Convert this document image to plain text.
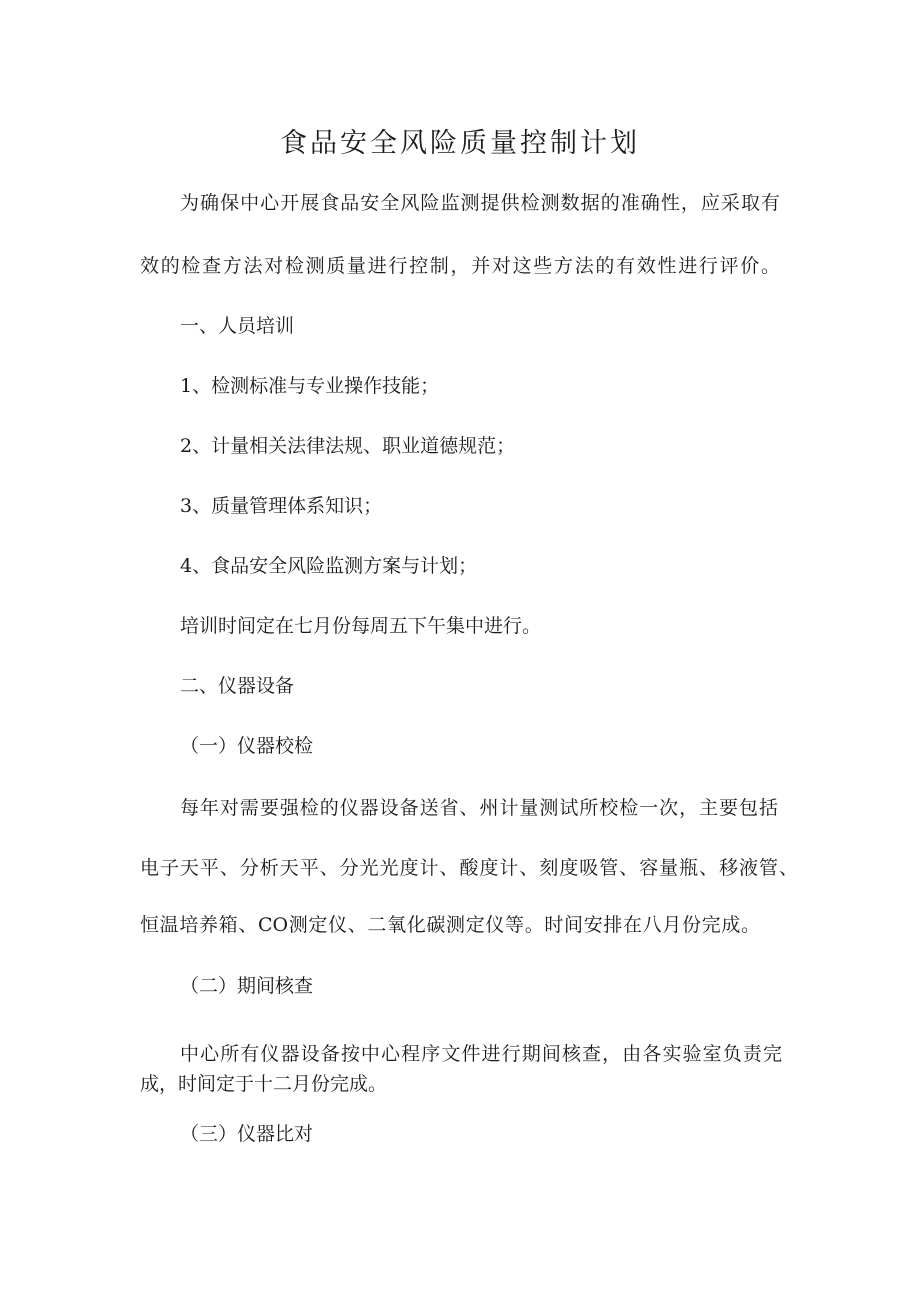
食品安全风险质量控制计划

为确保中心开展食品安全风险监测提供检测数据的准确性，应采取有

效的检查方法对检测质量进行控制，并对这些方法的有效性进行评价。

一、人员培训

1、检测标准与专业操作技能；

2、计量相关法律法规、职业道德规范；

3、质量管理体系知识；

4、食品安全风险监测方案与计划；

培训时间定在七月份每周五下午集中进行。

二、仪器设备

（一）仪器校检

每年对需要强检的仪器设备送省、州计量测试所校检一次，主要包括

电子天平、分析天平、分光光度计、酸度计、刻度吸管、容量瓶、移液管、

恒温培养箱、CO测定仪、二氧化碳测定仪等。时间安排在八月份完成。

（二）期间核查

中心所有仪器设备按中心程序文件进行期间核查，由各实验室负责完

成，时间定于十二月份完成。

（三）仪器比对
